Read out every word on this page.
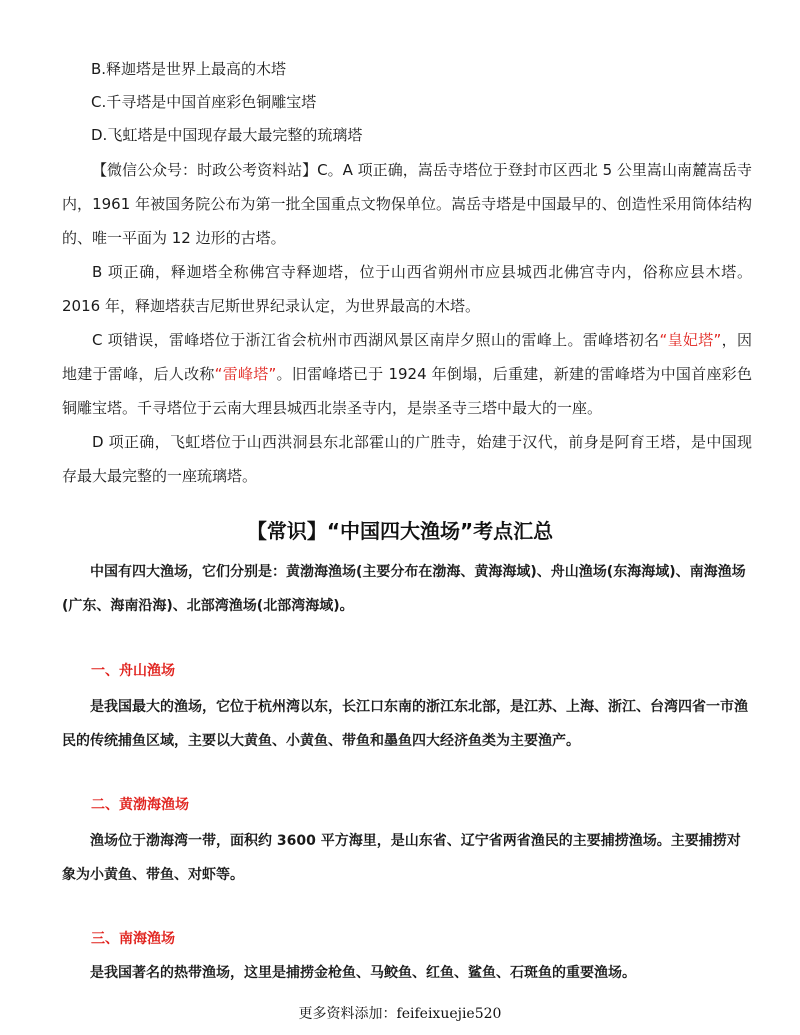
B.释迦塔是世界上最高的木塔
C.千寻塔是中国首座彩色铜雕宝塔
D.飞虹塔是中国现存最大最完整的琉璃塔

【微信公众号：时政公考资料站】C。A 项正确，嵩岳寺塔位于登封市区西北 5 公里嵩山南麓嵩岳寺内，1961 年被国务院公布为第一批全国重点文物保单位。嵩岳寺塔是中国最早的、创造性采用筒体结构的、唯一平面为 12 边形的古塔。

B 项正确，释迦塔全称佛宫寺释迦塔，位于山西省朔州市应县城西北佛宫寺内，俗称应县木塔。2016 年，释迦塔获吉尼斯世界纪录认定，为世界最高的木塔。

C 项错误，雷峰塔位于浙江省会杭州市西湖风景区南岸夕照山的雷峰上。雷峰塔初名“皇妃塔”，因地建于雷峰，后人改称“雷峰塔”。旧雷峰塔已于 1924 年倒塌，后重建，新建的雷峰塔为中国首座彩色铜雕宝塔。千寻塔位于云南大理县城西北崇圣寺内，是崇圣寺三塔中最大的一座。

D 项正确，飞虹塔位于山西洪洞县东北部霍山的广胜寺，始建于汉代，前身是阿育王塔，是中国现存最大最完整的一座琉璃塔。

【常识】“中国四大渔场”考点汇总

中国有四大渔场，它们分别是：黄渤海渔场(主要分布在渤海、黄海海域)、舟山渔场(东海海域)、南海渔场(广东、海南沿海)、北部湾渔场(北部湾海域)。

一、舟山渔场

是我国最大的渔场，它位于杭州湾以东，长江口东南的浙江东北部，是江苏、上海、浙江、台湾四省一市渔民的传统捕鱼区域，主要以大黄鱼、小黄鱼、带鱼和墨鱼四大经济鱼类为主要渔产。

二、黄渤海渔场

渔场位于渤海湾一带，面积约 3600 平方海里，是山东省、辽宁省两省渔民的主要捕捞渔场。主要捕捞对象为小黄鱼、带鱼、对虾等。

三、南海渔场

是我国著名的热带渔场，这里是捕捞金枪鱼、马鲛鱼、红鱼、鲨鱼、石斑鱼的重要渔场。

更多资料添加：feifeixuejie520
